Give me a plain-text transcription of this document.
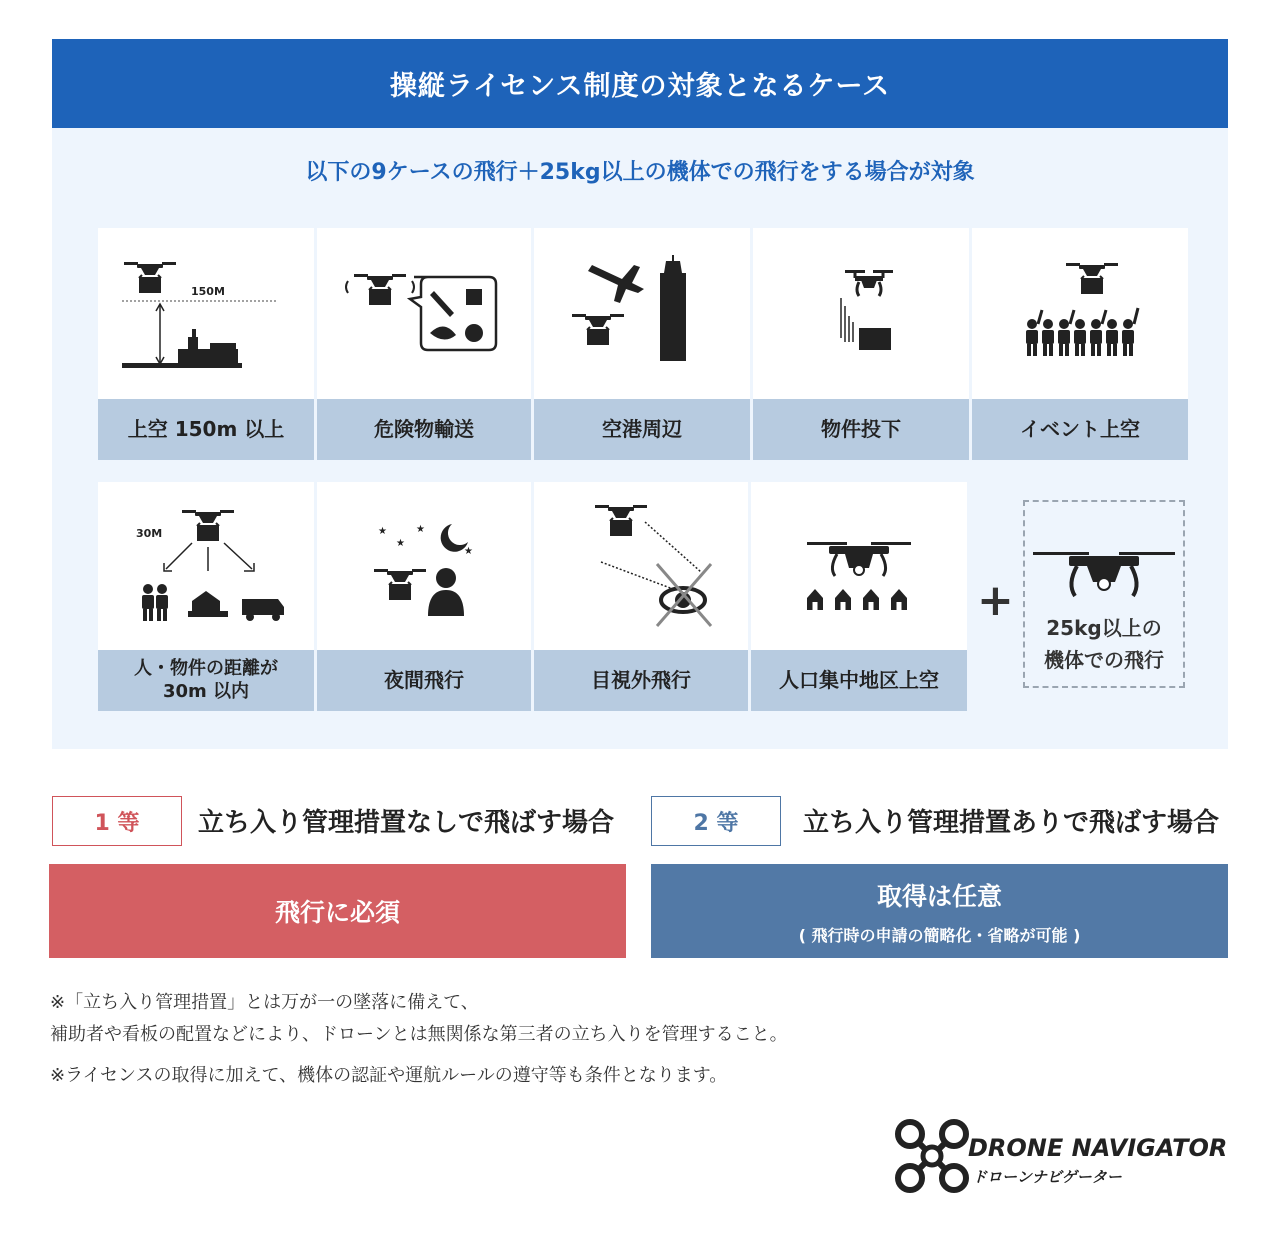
操縦ライセンス制度の対象となるケース
以下の9ケースの飛行＋25kg以上の機体での飛行をする場合が対象
150M
上空 150m 以上	危険物輸送	空港周辺	物件投下	イベント上空
30M
人・物件の距離が
30m 以内
★
★
★
★
夜間飛行	目視外飛行	人口集中地区上空
+
25kg以上の
機体での飛行
1 等	立ち入り管理措置なしで飛ばす場合	2 等	立ち入り管理措置ありで飛ばす場合
飛行に必須
取得は任意
( 飛行時の申請の簡略化・省略が可能 )
※「立ち入り管理措置」とは万が一の墜落に備えて、
補助者や看板の配置などにより、ドローンとは無関係な第三者の立ち入りを管理すること。
※ライセンスの取得に加えて、機体の認証や運航ルールの遵守等も条件となります。
DRONE NAVIGATOR
ドローンナビゲーター
